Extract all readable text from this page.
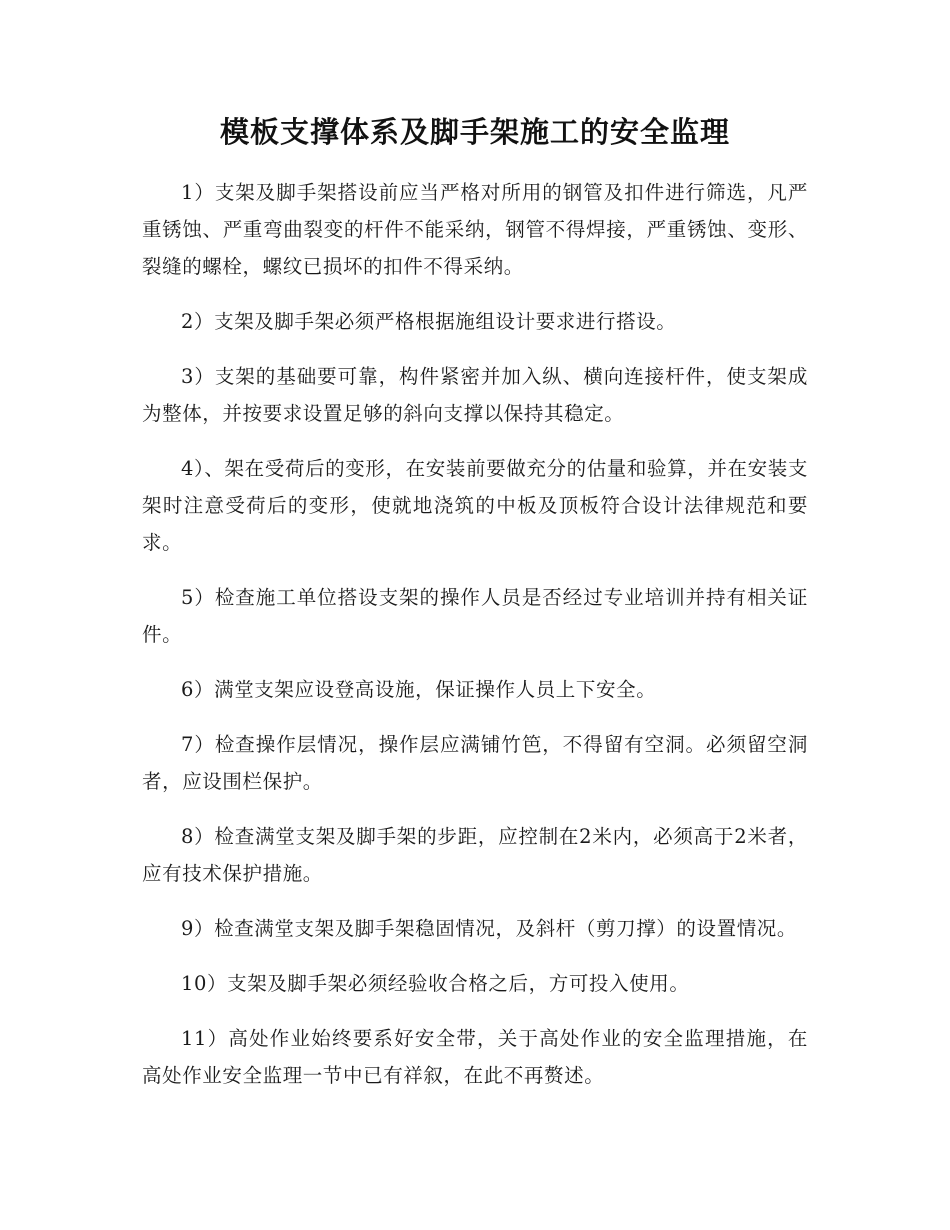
模板支撑体系及脚手架施工的安全监理

1）支架及脚手架搭设前应当严格对所用的钢管及扣件进行筛选，凡严重锈蚀、严重弯曲裂变的杆件不能采纳，钢管不得焊接，严重锈蚀、变形、裂缝的螺栓，螺纹已损坏的扣件不得采纳。

2）支架及脚手架必须严格根据施组设计要求进行搭设。

3）支架的基础要可靠，构件紧密并加入纵、横向连接杆件，使支架成为整体，并按要求设置足够的斜向支撑以保持其稳定。

4）、架在受荷后的变形，在安装前要做充分的估量和验算，并在安装支架时注意受荷后的变形，使就地浇筑的中板及顶板符合设计法律规范和要求。

5）检查施工单位搭设支架的操作人员是否经过专业培训并持有相关证件。

6）满堂支架应设登高设施，保证操作人员上下安全。

7）检查操作层情况，操作层应满铺竹笆，不得留有空洞。必须留空洞者，应设围栏保护。

8）检查满堂支架及脚手架的步距，应控制在2米内，必须高于2米者，应有技术保护措施。

9）检查满堂支架及脚手架稳固情况，及斜杆（剪刀撑）的设置情况。

10）支架及脚手架必须经验收合格之后，方可投入使用。

11）高处作业始终要系好安全带，关于高处作业的安全监理措施，在高处作业安全监理一节中已有祥叙，在此不再赘述。
